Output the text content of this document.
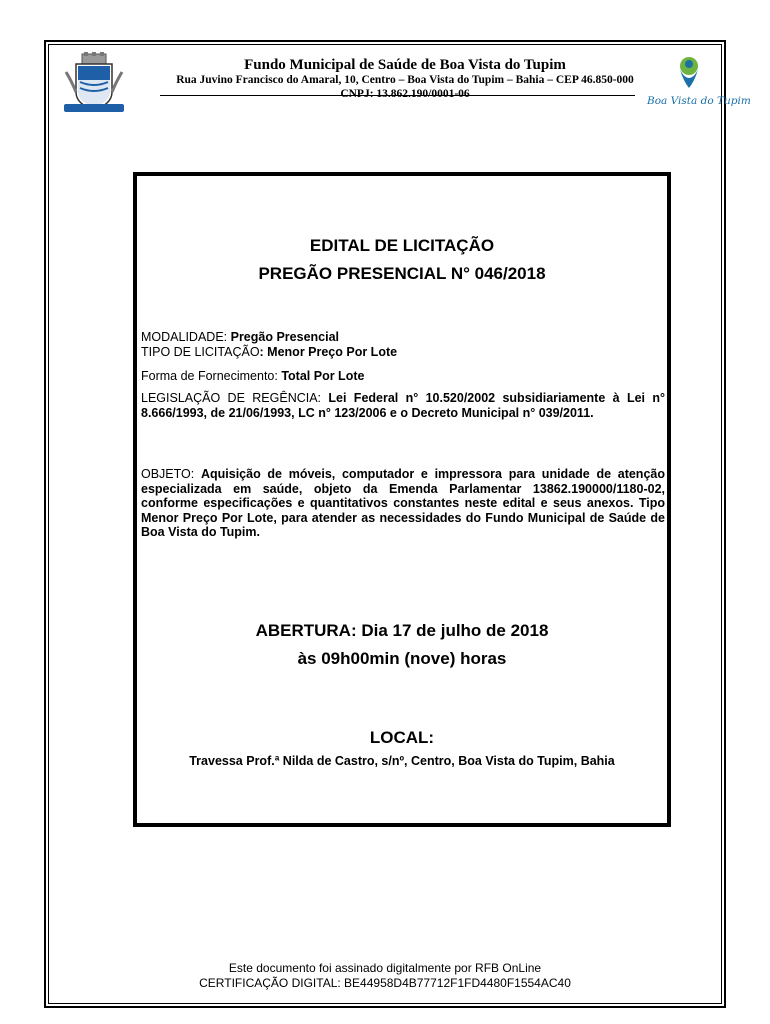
Fundo Municipal de Saúde de Boa Vista do Tupim
Rua Juvino Francisco do Amaral, 10, Centro – Boa Vista do Tupim – Bahia – CEP 46.850-000
CNPJ: 13.862.190/0001-06
Boa Vista do Tupim
EDITAL DE LICITAÇÃO
PREGÃO PRESENCIAL N° 046/2018
MODALIDADE: Pregão Presencial
TIPO DE LICITAÇÃO: Menor Preço Por Lote
Forma de Fornecimento: Total Por Lote
LEGISLAÇÃO DE REGÊNCIA: Lei Federal n° 10.520/2002 subsidiariamente à Lei n° 8.666/1993, de 21/06/1993, LC n° 123/2006 e o Decreto Municipal n° 039/2011.
OBJETO: Aquisição de móveis, computador e impressora para unidade de atenção especializada em saúde, objeto da Emenda Parlamentar 13862.190000/1180-02, conforme especificações e quantitativos constantes neste edital e seus anexos. Tipo Menor Preço Por Lote, para atender as necessidades do Fundo Municipal de Saúde de Boa Vista do Tupim.
ABERTURA: Dia 17 de julho de 2018
às 09h00min (nove) horas
LOCAL:
Travessa Prof.ª Nilda de Castro, s/nº, Centro, Boa Vista do Tupim, Bahia
Este documento foi assinado digitalmente por RFB OnLine
CERTIFICAÇÃO DIGITAL: BE44958D4B77712F1FD4480F1554AC40
